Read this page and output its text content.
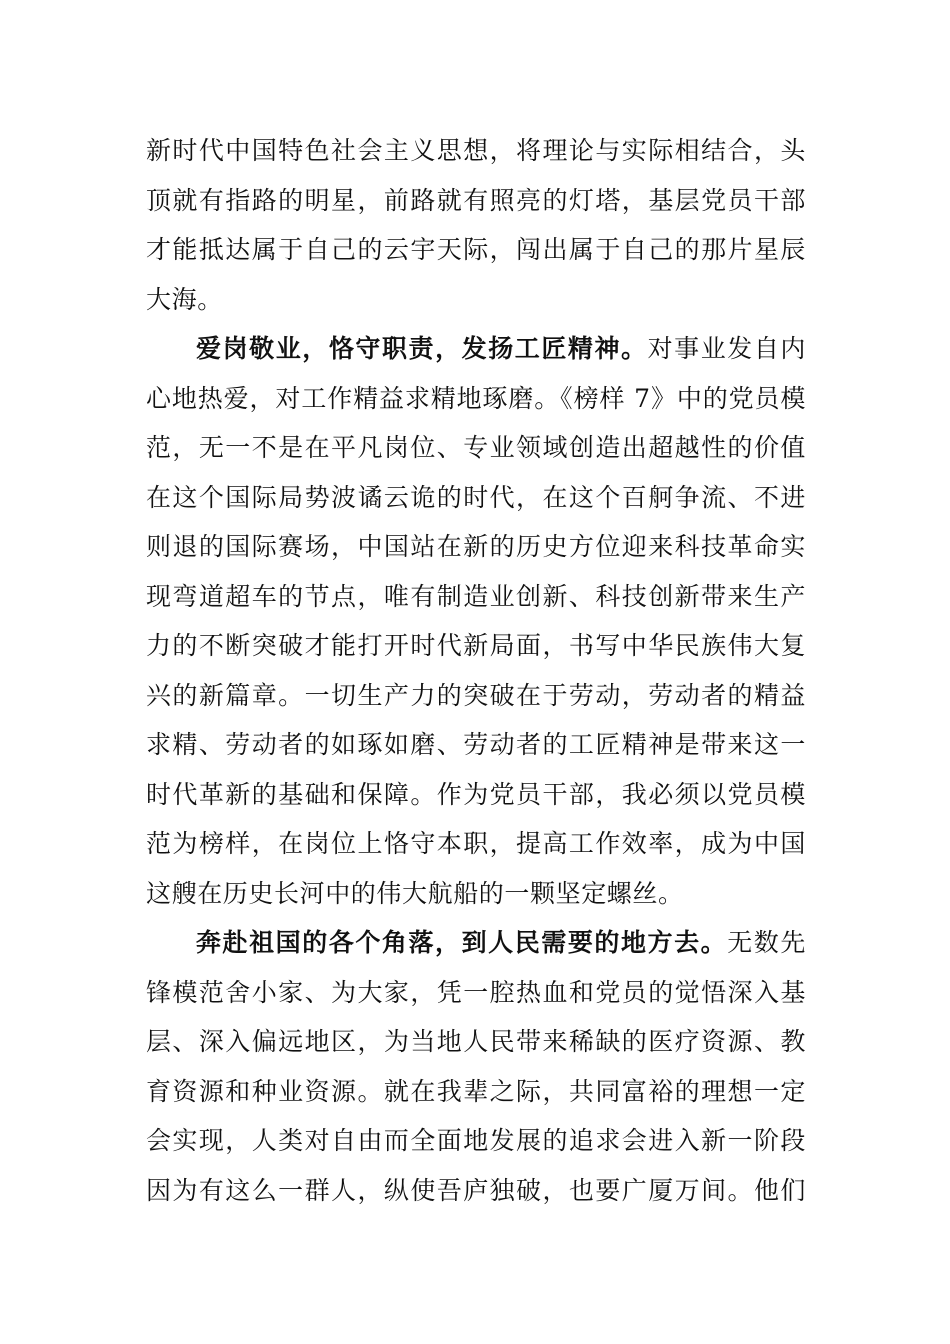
新时代中国特色社会主义思想，将理论与实际相结合，头
顶就有指路的明星，前路就有照亮的灯塔，基层党员干部
才能抵达属于自己的云宇天际，闯出属于自己的那片星辰
大海。
爱岗敬业，恪守职责，发扬工匠精神。对事业发自内
心地热爱，对工作精益求精地琢磨。《榜样 7》中的党员模
范，无一不是在平凡岗位、专业领域创造出超越性的价值
在这个国际局势波谲云诡的时代，在这个百舸争流、不进
则退的国际赛场，中国站在新的历史方位迎来科技革命实
现弯道超车的节点，唯有制造业创新、科技创新带来生产
力的不断突破才能打开时代新局面，书写中华民族伟大复
兴的新篇章。一切生产力的突破在于劳动，劳动者的精益
求精、劳动者的如琢如磨、劳动者的工匠精神是带来这一
时代革新的基础和保障。作为党员干部，我必须以党员模
范为榜样，在岗位上恪守本职，提高工作效率，成为中国
这艘在历史长河中的伟大航船的一颗坚定螺丝。
奔赴祖国的各个角落，到人民需要的地方去。无数先
锋模范舍小家、为大家，凭一腔热血和党员的觉悟深入基
层、深入偏远地区，为当地人民带来稀缺的医疗资源、教
育资源和种业资源。就在我辈之际，共同富裕的理想一定
会实现，人类对自由而全面地发展的追求会进入新一阶段
因为有这么一群人，纵使吾庐独破，也要广厦万间。他们
